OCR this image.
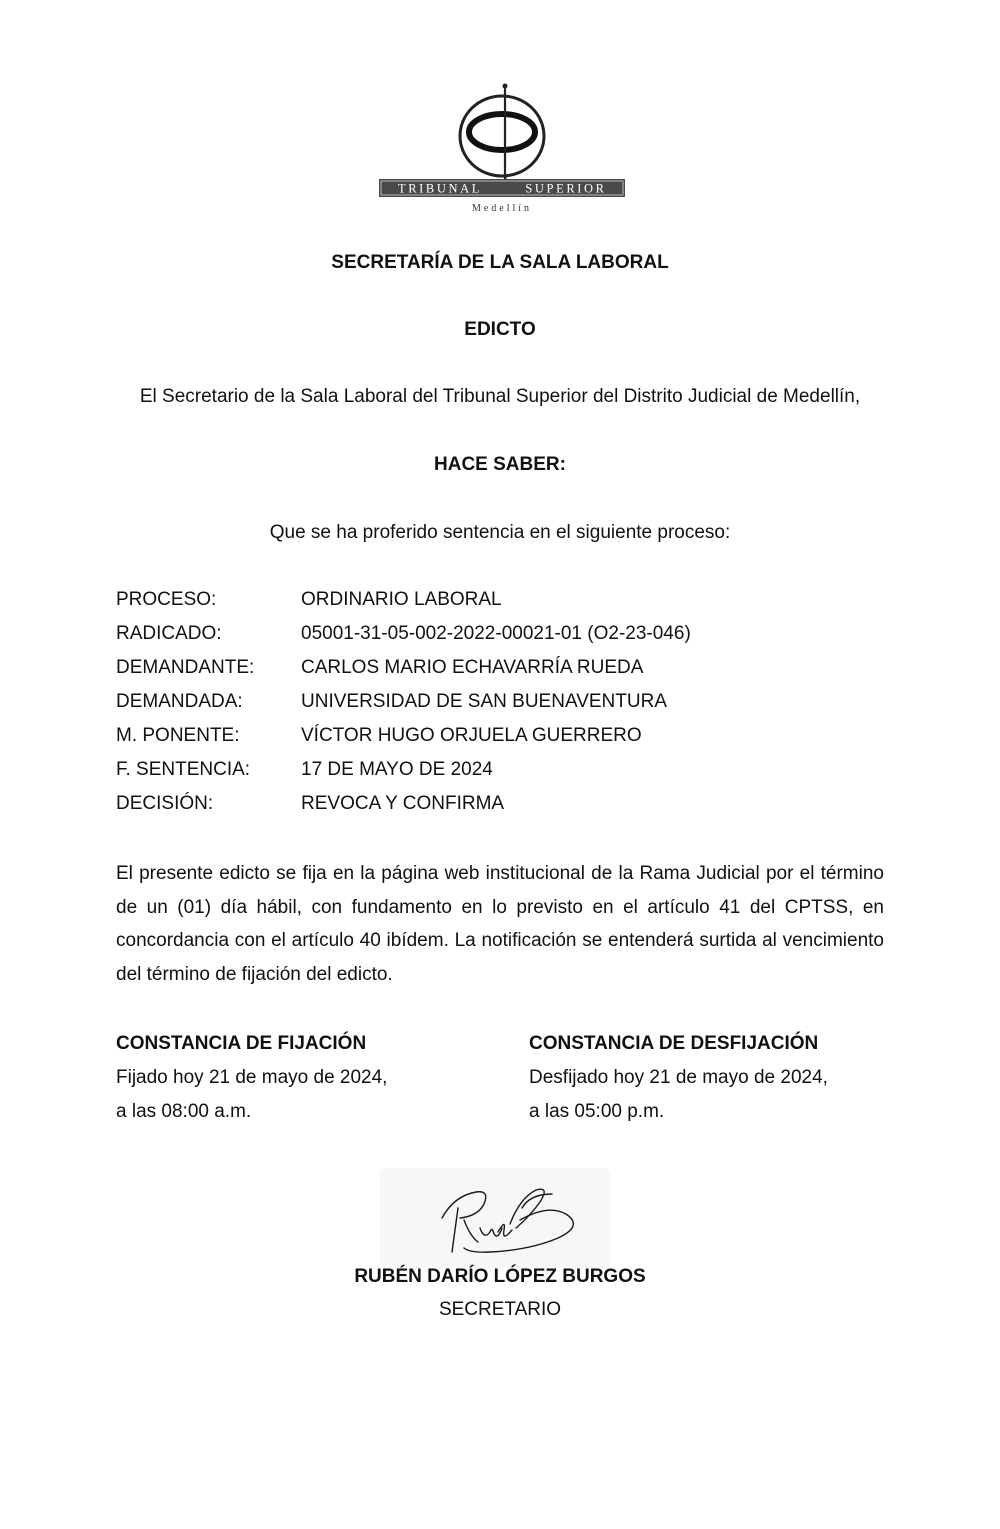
TRIBUNAL	SUPERIOR
Medellín
SECRETARÍA DE LA SALA LABORAL
EDICTO
El Secretario de la Sala Laboral del Tribunal Superior del Distrito Judicial de Medellín,
HACE SABER:
Que se ha proferido sentencia en el siguiente proceso:
PROCESO:	ORDINARIO LABORAL
RADICADO:	05001-31-05-002-2022-00021-01 (O2-23-046)
DEMANDANTE:	CARLOS MARIO ECHAVARRÍA RUEDA
DEMANDADA:	UNIVERSIDAD DE SAN BUENAVENTURA
M. PONENTE:	VÍCTOR HUGO ORJUELA GUERRERO
F. SENTENCIA:	17 DE MAYO DE 2024
DECISIÓN:	REVOCA Y CONFIRMA
El presente edicto se fija en la página web institucional de la Rama Judicial por el término de un (01) día hábil, con fundamento en lo previsto en el artículo 41 del CPTSS, en concordancia con el artículo 40 ibídem. La notificación se entenderá surtida al vencimiento del término de fijación del edicto.
CONSTANCIA DE FIJACIÓN
Fijado hoy 21 de mayo de 2024,
a las 08:00 a.m.
CONSTANCIA DE DESFIJACIÓN
Desfijado hoy 21 de mayo de 2024,
a las 05:00 p.m.
RUBÉN DARÍO LÓPEZ BURGOS
SECRETARIO
